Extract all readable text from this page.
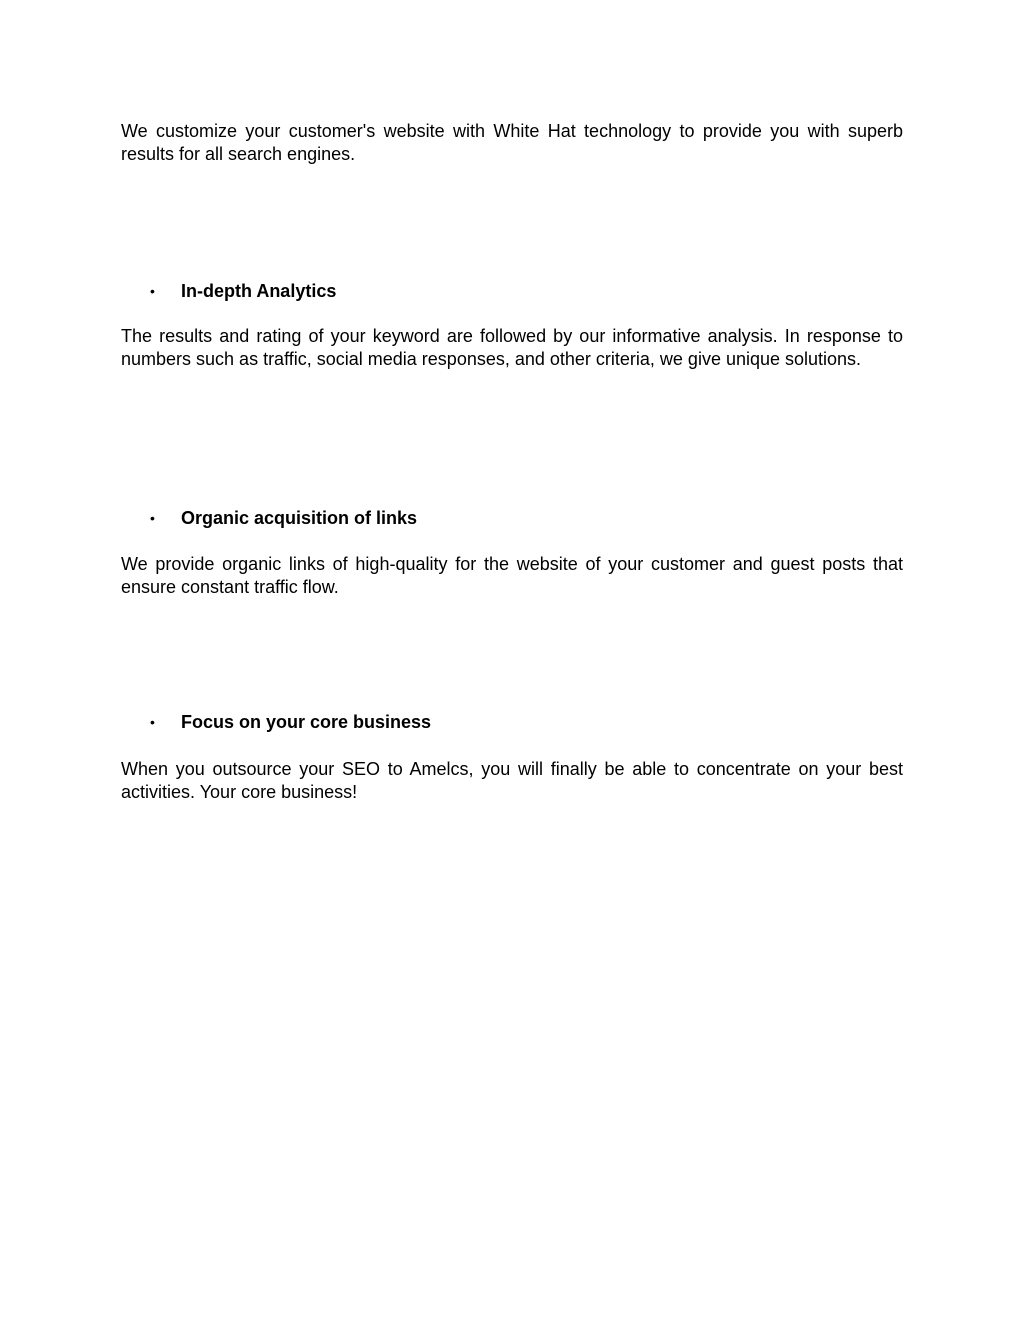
We customize your customer's website with White Hat technology to provide you with superb results for all search engines.

•	In-depth Analytics

The results and rating of your keyword are followed by our informative analysis. In response to numbers such as traffic, social media responses, and other criteria, we give unique solutions.

•	Organic acquisition of links

We provide organic links of high-quality for the website of your customer and guest posts that ensure constant traffic flow.

•	Focus on your core business

When you outsource your SEO to Amelcs, you will finally be able to concentrate on your best activities. Your core business!
